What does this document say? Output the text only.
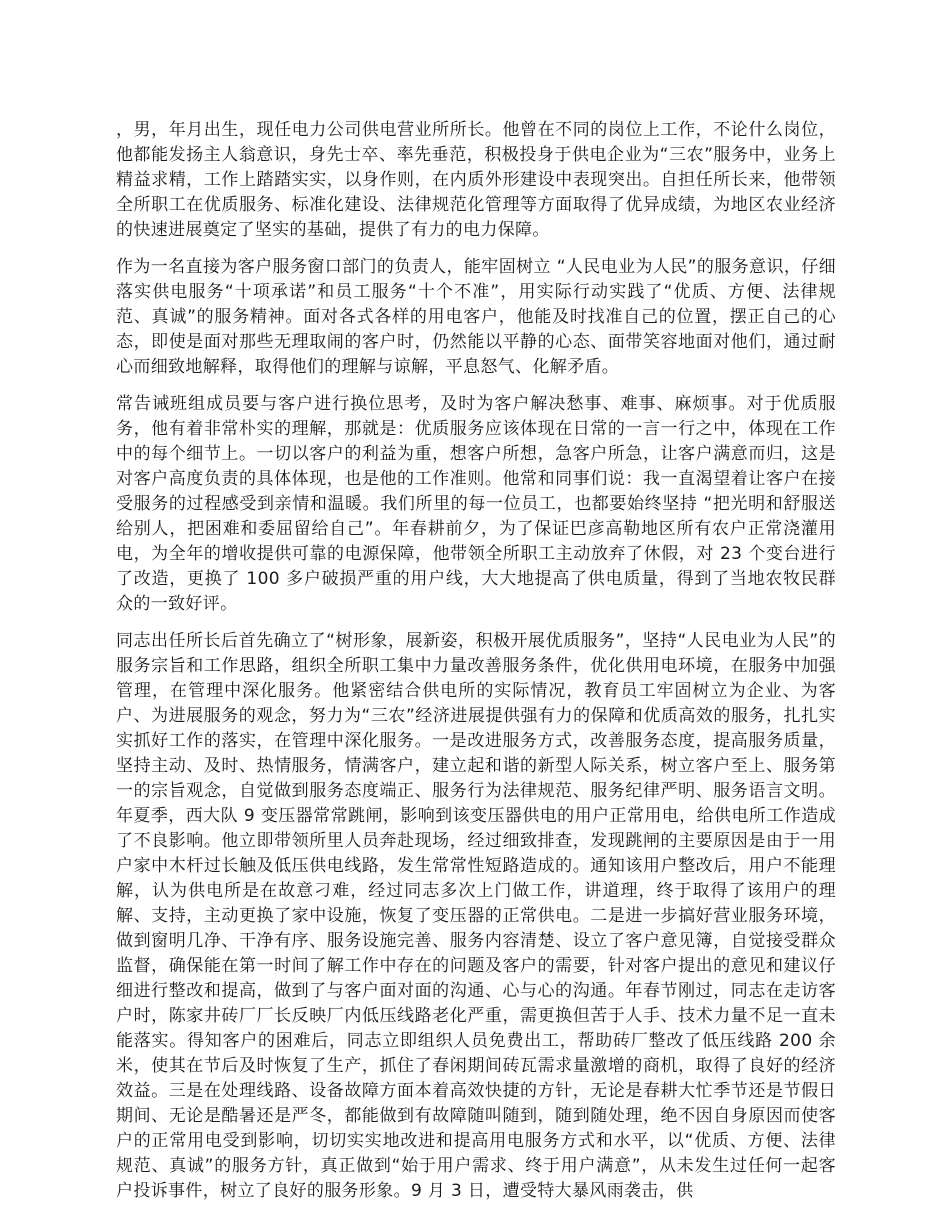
，男，年月出生，现任电力公司供电营业所所长。他曾在不同的岗位上工作，不论什么岗位，他都能发扬主人翁意识，身先士卒、率先垂范，积极投身于供电企业为“三农”服务中，业务上精益求精，工作上踏踏实实，以身作则，在内质外形建设中表现突出。自担任所长来，他带领全所职工在优质服务、标准化建设、法律规范化管理等方面取得了优异成绩，为地区农业经济的快速进展奠定了坚实的基础，提供了有力的电力保障。

作为一名直接为客户服务窗口部门的负责人，能牢固树立 “人民电业为人民”的服务意识，仔细落实供电服务“十项承诺”和员工服务“十个不准”，用实际行动实践了“优质、方便、法律规范、真诚”的服务精神。面对各式各样的用电客户，他能及时找准自己的位置，摆正自己的心态，即使是面对那些无理取闹的客户时，仍然能以平静的心态、面带笑容地面对他们，通过耐心而细致地解释，取得他们的理解与谅解，平息怒气、化解矛盾。

常告诫班组成员要与客户进行换位思考，及时为客户解决愁事、难事、麻烦事。对于优质服务，他有着非常朴实的理解，那就是：优质服务应该体现在日常的一言一行之中，体现在工作中的每个细节上。一切以客户的利益为重，想客户所想，急客户所急，让客户满意而归，这是对客户高度负责的具体体现，也是他的工作准则。他常和同事们说：我一直渴望着让客户在接受服务的过程感受到亲情和温暖。我们所里的每一位员工，也都要始终坚持 “把光明和舒服送给别人，把困难和委屈留给自己”。年春耕前夕，为了保证巴彦高勒地区所有农户正常浇灌用电，为全年的增收提供可靠的电源保障，他带领全所职工主动放弃了休假，对 23 个变台进行了改造，更换了 100 多户破损严重的用户线，大大地提高了供电质量，得到了当地农牧民群众的一致好评。

同志出任所长后首先确立了“树形象，展新姿，积极开展优质服务”，坚持“人民电业为人民”的服务宗旨和工作思路，组织全所职工集中力量改善服务条件，优化供用电环境，在服务中加强管理，在管理中深化服务。他紧密结合供电所的实际情况，教育员工牢固树立为企业、为客户、为进展服务的观念，努力为“三农”经济进展提供强有力的保障和优质高效的服务，扎扎实实抓好工作的落实，在管理中深化服务。一是改进服务方式，改善服务态度，提高服务质量，坚持主动、及时、热情服务，情满客户，建立起和谐的新型人际关系，树立客户至上、服务第一的宗旨观念，自觉做到服务态度端正、服务行为法律规范、服务纪律严明、服务语言文明。年夏季，西大队 9 变压器常常跳闸，影响到该变压器供电的用户正常用电，给供电所工作造成了不良影响。他立即带领所里人员奔赴现场，经过细致排查，发现跳闸的主要原因是由于一用户家中木杆过长触及低压供电线路，发生常常性短路造成的。通知该用户整改后，用户不能理解，认为供电所是在故意刁难，经过同志多次上门做工作，讲道理，终于取得了该用户的理解、支持，主动更换了家中设施，恢复了变压器的正常供电。二是进一步搞好营业服务环境，做到窗明几净、干净有序、服务设施完善、服务内容清楚、设立了客户意见簿，自觉接受群众监督，确保能在第一时间了解工作中存在的问题及客户的需要，针对客户提出的意见和建议仔细进行整改和提高，做到了与客户面对面的沟通、心与心的沟通。年春节刚过，同志在走访客户时，陈家井砖厂厂长反映厂内低压线路老化严重，需更换但苦于人手、技术力量不足一直未能落实。得知客户的困难后，同志立即组织人员免费出工，帮助砖厂整改了低压线路 200 余米，使其在节后及时恢复了生产，抓住了春闲期间砖瓦需求量激增的商机，取得了良好的经济效益。三是在处理线路、设备故障方面本着高效快捷的方针，无论是春耕大忙季节还是节假日期间、无论是酷暑还是严冬，都能做到有故障随叫随到，随到随处理，绝不因自身原因而使客户的正常用电受到影响，切切实实地改进和提高用电服务方式和水平，以“优质、方便、法律规范、真诚”的服务方针，真正做到“始于用户需求、终于用户满意”，从未发生过任何一起客户投诉事件，树立了良好的服务形象。9 月 3 日，遭受特大暴风雨袭击，供
